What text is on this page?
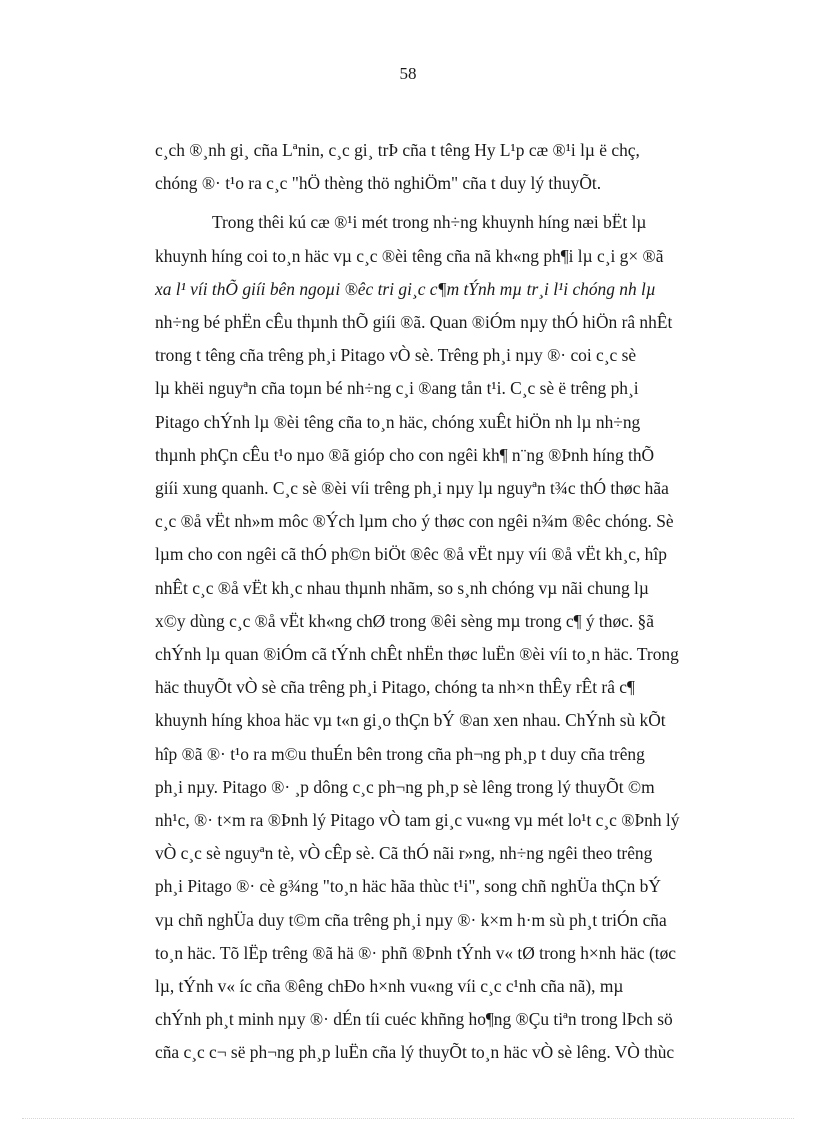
58

c¸ch ®¸nh gi¸ cña Lªnin, c¸c gi¸ trÞ cña t têng Hy L¹p cæ ®¹i lµ ë chç,
chóng ®· t¹o ra c¸c "hÖ thèng thö nghiÖm" cña t duy lý thuyÕt.

Trong thêi kú cæ ®¹i mét trong nh÷ng khuynh híng næi bËt lµ
khuynh híng coi to¸n häc vµ c¸c ®èi têng cña nã kh«ng ph¶i lµ c¸i g× ®ã
xa l¹ víi thÕ giíi bên ngoµi ®êc tri gi¸c c¶m tÝnh mµ tr¸i l¹i chóng nh lµ
nh÷ng bé phËn cÊu thµnh thÕ giíi ®ã. Quan ®iÓm nµy thÓ hiÖn râ nhÊt
trong t têng cña trêng ph¸i Pitago vÒ sè. Trêng ph¸i nµy ®· coi c¸c sè
lµ khëi nguyªn cña toµn bé nh÷ng c¸i ®ang tån t¹i. C¸c sè ë trêng ph¸i
Pitago chÝnh lµ ®èi têng cña to¸n häc, chóng xuÊt hiÖn nh lµ nh÷ng
thµnh phÇn cÊu t¹o nµo ®ã gióp cho con ngêi kh¶ n¨ng ®Þnh híng thÕ
giíi xung quanh. C¸c sè ®èi víi trêng ph¸i nµy lµ nguyªn t¾c thÓ thøc hãa
c¸c ®å vËt nh»m môc ®Ých lµm cho ý thøc con ngêi n¾m ®êc chóng. Sè
lµm cho con ngêi cã thÓ ph©n biÖt ®êc ®å vËt nµy víi ®å vËt kh¸c, hîp
nhÊt c¸c ®å vËt kh¸c nhau thµnh nhãm, so s¸nh chóng vµ nãi chung lµ
x©y dùng c¸c ®å vËt kh«ng chØ trong ®êi sèng mµ trong c¶ ý thøc. §ã
chÝnh lµ quan ®iÓm cã tÝnh chÊt nhËn thøc luËn ®èi víi to¸n häc. Trong
häc thuyÕt vÒ sè cña trêng ph¸i Pitago, chóng ta nh×n thÊy rÊt râ c¶
khuynh híng khoa häc vµ t«n gi¸o thÇn bÝ ®an xen nhau. ChÝnh sù kÕt
hîp ®ã ®· t¹o ra m©u thuÉn bên trong cña ph¬ng ph¸p t duy cña trêng
ph¸i nµy. Pitago ®· ¸p dông c¸c ph¬ng ph¸p sè lêng trong lý thuyÕt ©m
nh¹c, ®· t×m ra ®Þnh lý Pitago vÒ tam gi¸c vu«ng vµ mét lo¹t c¸c ®Þnh lý
vÒ c¸c sè nguyªn tè, vÒ cÊp sè. Cã thÓ nãi r»ng, nh÷ng ngêi theo trêng
ph¸i Pitago ®· cè g¾ng "to¸n häc hãa thùc t¹i", song chñ nghÜa thÇn bÝ
vµ chñ nghÜa duy t©m cña trêng ph¸i nµy ®· k×m h·m sù ph¸t triÓn cña
to¸n häc. Tõ lËp trêng ®ã hä ®· phñ ®Þnh tÝnh v« tØ trong h×nh häc (tøc
lµ, tÝnh v« íc cña ®êng chÐo h×nh vu«ng víi c¸c c¹nh cña nã), mµ
chÝnh ph¸t minh nµy ®· dÉn tíi cuéc khñng ho¶ng ®Çu tiªn trong lÞch sö
cña c¸c c¬ së ph¬ng ph¸p luËn cña lý thuyÕt to¸n häc vÒ sè lêng. VÒ thùc
